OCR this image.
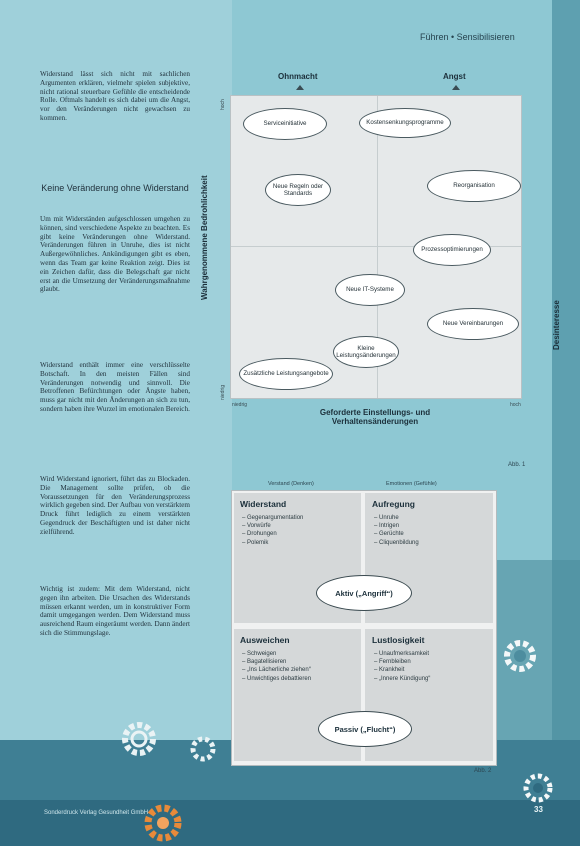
Führen • Sensibilisieren
Widerstand lässt sich nicht mit sachlichen Argumenten erklären, vielmehr spielen subjektive, nicht rational steuerbare Gefühle die entscheidende Rolle. Oftmals handelt es sich dabei um die Angst, vor den Veränderungen nicht gewachsen zu kommen.
Keine Veränderung ohne Widerstand
Um mit Widerständen aufgeschlossen umgehen zu können, sind verschiedene Aspekte zu beachten. Es gibt keine Veränderungen ohne Widerstand. Veränderungen führen in Unruhe, dies ist nicht Außergewöhnliches. Ankündigungen gibt es eben, wenn das Team gar keine Reaktion zeigt. Dies ist ein Zeichen dafür, dass die Belegschaft gar nicht erst an die Umsetzung der Veränderungsmaßnahme glaubt.
Widerstand enthält immer eine verschlüsselte Botschaft. In den meisten Fällen sind Veränderungen notwendig und sinnvoll. Die Betroffenen Befürchtungen oder Ängste haben, muss gar nicht mit den Änderungen an sich zu tun, sondern haben ihre Wurzel im emotionalen Bereich.
Wird Widerstand ignoriert, führt das zu Blockaden. Die Management sollte prüfen, ob die Voraussetzungen für den Veränderungsprozess wirklich gegeben sind. Der Aufbau von verstärktem Druck führt lediglich zu einem verstärkten Gegendruck der Beschäftigten und ist daher nicht zielführend.
Wichtig ist zudem: Mit dem Widerstand, nicht gegen ihn arbeiten. Die Ursachen des Widerstands müssen erkannt werden, um in konstruktiver Form damit umgegangen werden. Dem Widerstand muss ausreichend Raum eingeräumt werden. Dann ändert sich die Stimmungslage.
Ohnmacht	Angst
Wahrgenommene Bedrohlichkeit
hoch
niedrig
Serviceinitiative	Kostensenkungsprogramme
Neue Regeln oder Standards
Reorganisation
Prozessoptimierungen
Neue IT-Systeme
Neue Vereinbarungen
Kleine Leistungsänderungen
Zusätzliche Leistungsangebote
niedrig	hoch
Geforderte Einstellungs- und Verhaltensänderungen
Desinteresse
Abb. 1
Verstand (Denken)	Emotionen (Gefühle)
Widerstand
– Gegenargumentation
– Vorwürfe
– Drohungen
– Polemik
Aufregung
– Unruhe
– Intrigen
– Gerüchte
– Cliquenbildung
Aktiv („Angriff“)
Ausweichen
– Schweigen
– Bagatellisieren
– „Ins Lächerliche ziehen“
– Unwichtiges debattieren
Lustlosigkeit
– Unaufmerksamkeit
– Fernbleiben
– Krankheit
– „Innere Kündigung“
Passiv („Flucht“)
Abb. 2
Sonderdruck Verlag Gesundheit GmbH	33
